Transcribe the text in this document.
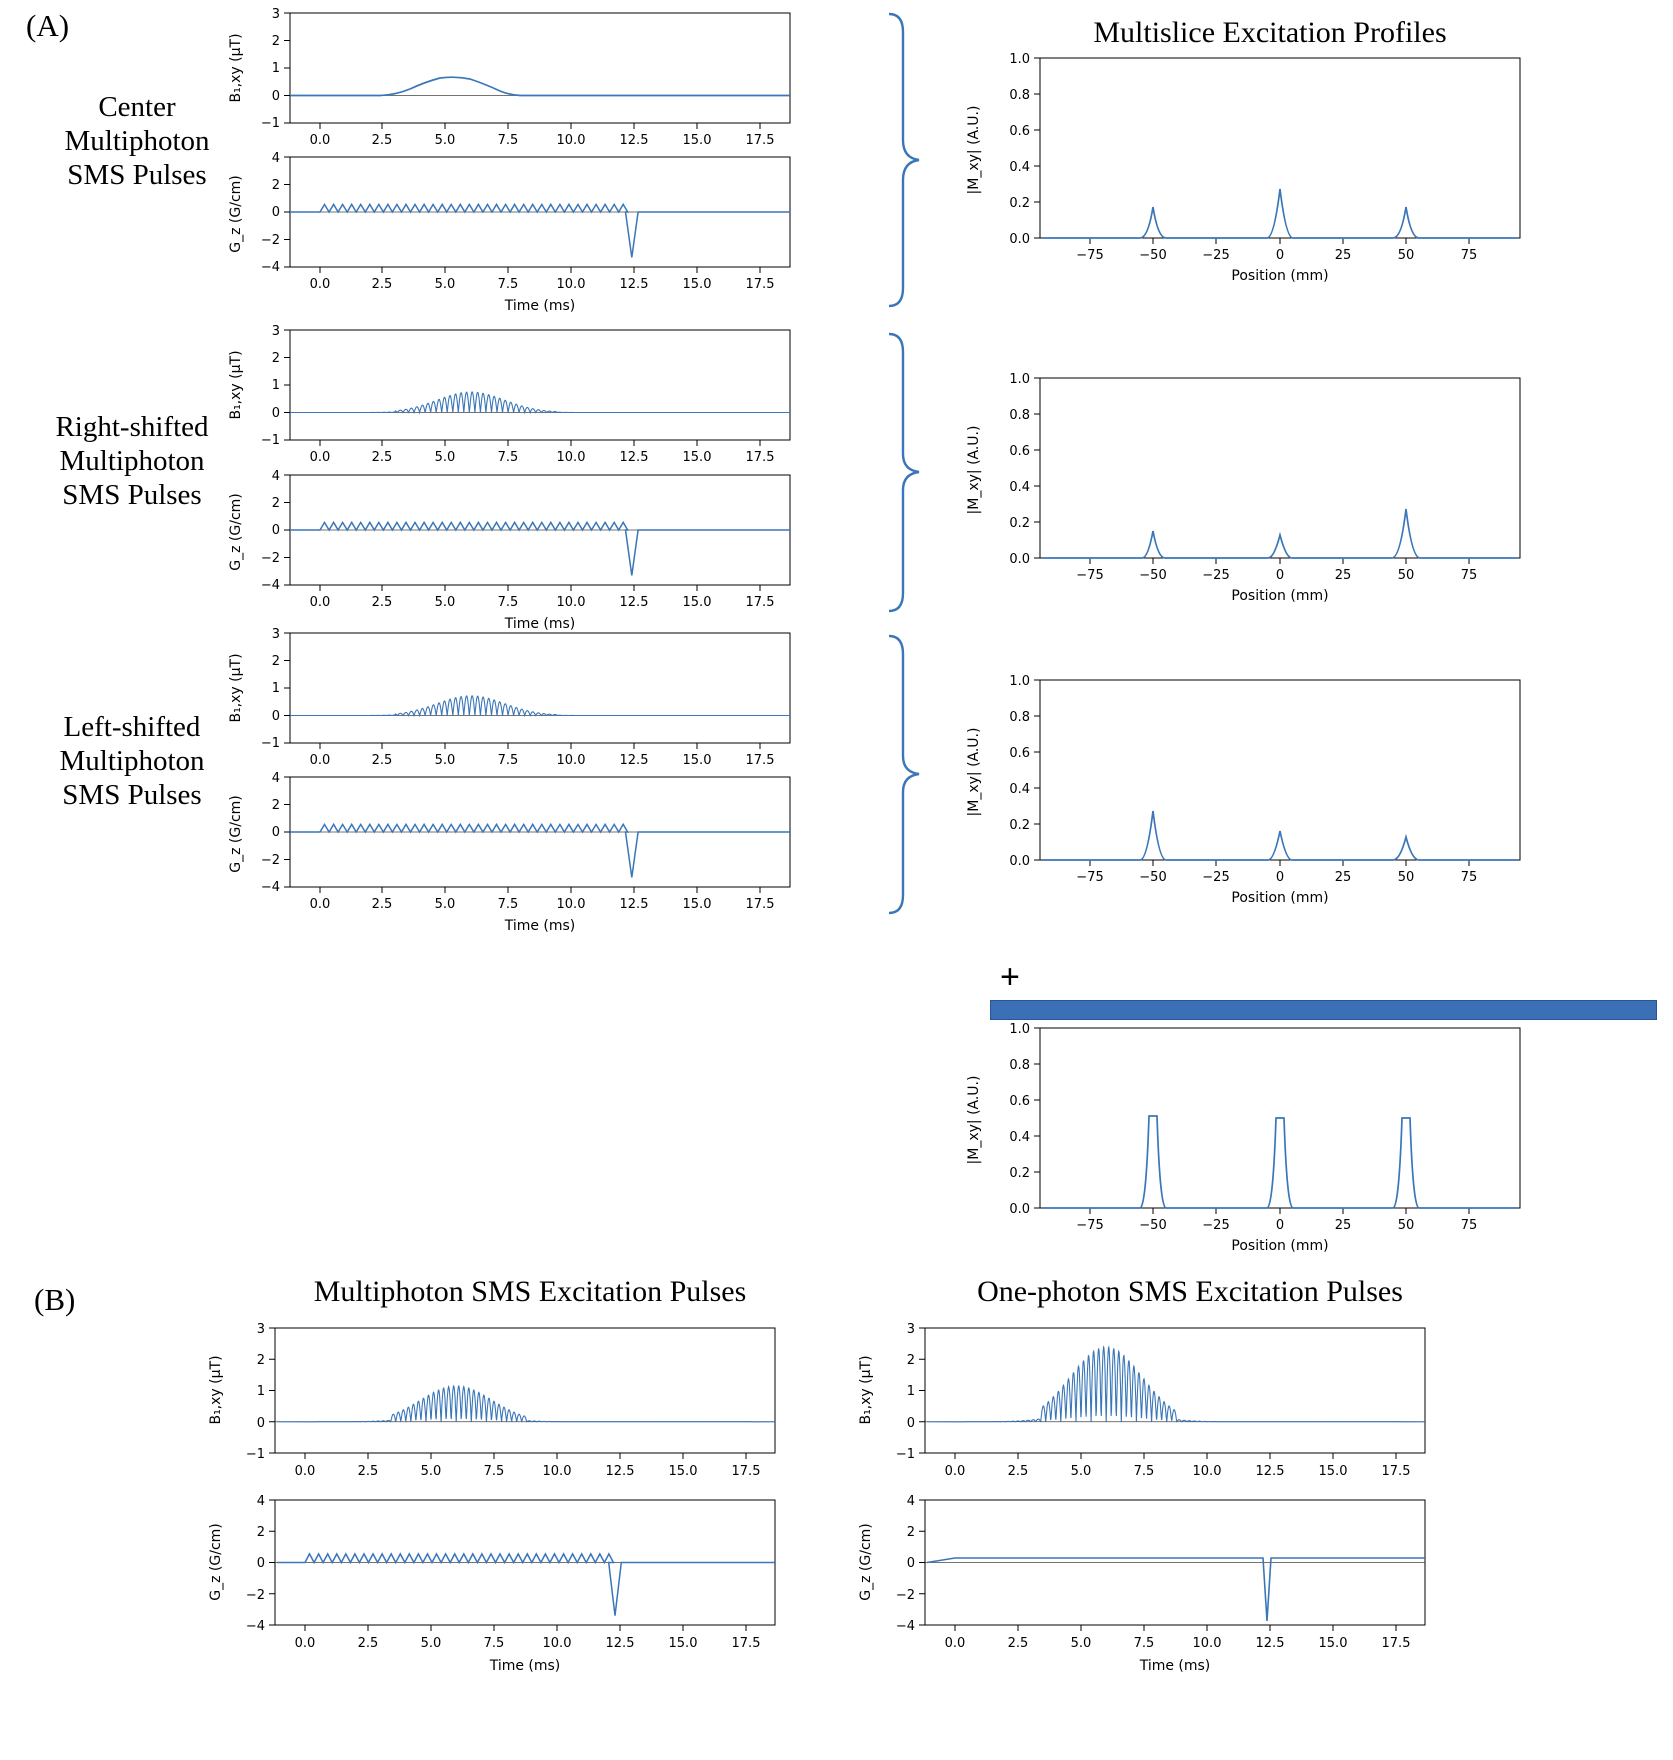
(A)	Multislice Excitation Profiles
Center
Multiphoton
SMS Pulses
Right-shifted
Multiphoton
SMS Pulses
Left-shifted
Multiphoton
SMS Pulses
3
2
1
0
−1
0.0	2.5	5.0	7.5	10.0	12.5	15.0	17.5
B₁,xy (µT)
4
2
0
−2
−4
0.0	2.5	5.0	7.5	10.0	12.5	15.0	17.5
G_z (G/cm)
Time (ms)
1.0
0.8
0.6
0.4
0.2
0.0
−75	−50	−25	0	25	50	75
|M_xy| (A.U.)
Position (mm)
3
2
1
0
−1
0.0	2.5	5.0	7.5	10.0	12.5	15.0	17.5
B₁,xy (µT)
4
2
0
−2
−4
0.0	2.5	5.0	7.5	10.0	12.5	15.0	17.5
G_z (G/cm)
Time (ms)
1.0
0.8
0.6
0.4
0.2
0.0
−75	−50	−25	0	25	50	75
|M_xy| (A.U.)
Position (mm)
3
2
1
0
−1
0.0	2.5	5.0	7.5	10.0	12.5	15.0	17.5
B₁,xy (µT)
4
2
0
−2
−4
0.0	2.5	5.0	7.5	10.0	12.5	15.0	17.5
G_z (G/cm)
Time (ms)
1.0
0.8
0.6
0.4
0.2
0.0
−75	−50	−25	0	25	50	75
|M_xy| (A.U.)
Position (mm)
+
1.0
0.8
0.6
0.4
0.2
0.0
−75	−50	−25	0	25	50	75
|M_xy| (A.U.)
Position (mm)
(B)	Multiphoton SMS Excitation Pulses	One-photon SMS Excitation Pulses
3
2
1
0
−1
0.0	2.5	5.0	7.5	10.0	12.5	15.0	17.5
B₁,xy (µT)
4
2
0
−2
−4
0.0	2.5	5.0	7.5	10.0	12.5	15.0	17.5
G_z (G/cm)
Time (ms)
3
2
1
0
−1
0.0	2.5	5.0	7.5	10.0	12.5	15.0	17.5
B₁,xy (µT)
4
2
0
−2
−4
0.0	2.5	5.0	7.5	10.0	12.5	15.0	17.5
G_z (G/cm)
Time (ms)
